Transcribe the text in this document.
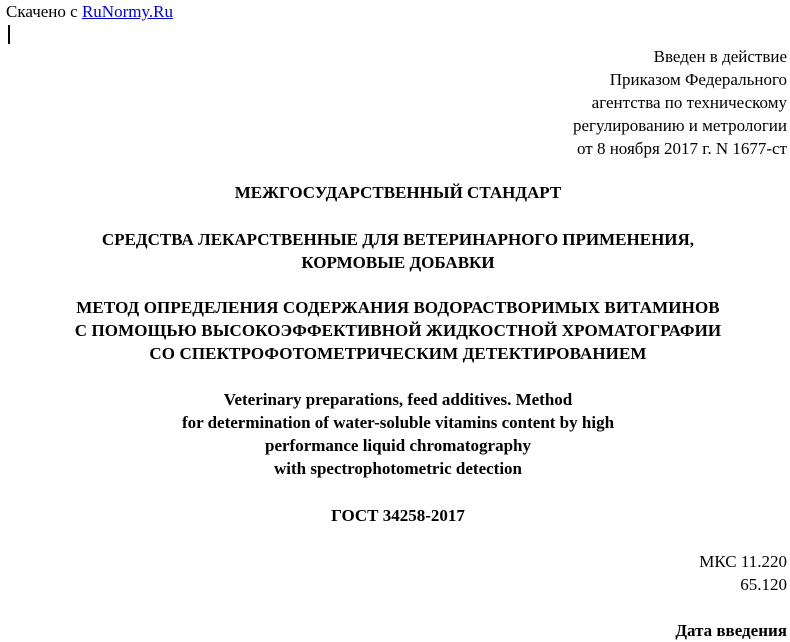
Скачено с RuNormy.Ru
Введен в действие
Приказом Федерального
агентства по техническому
регулированию и метрологии
от 8 ноября 2017 г. N 1677-ст
МЕЖГОСУДАРСТВЕННЫЙ СТАНДАРТ
СРЕДСТВА ЛЕКАРСТВЕННЫЕ ДЛЯ ВЕТЕРИНАРНОГО ПРИМЕНЕНИЯ,
КОРМОВЫЕ ДОБАВКИ
МЕТОД ОПРЕДЕЛЕНИЯ СОДЕРЖАНИЯ ВОДОРАСТВОРИМЫХ ВИТАМИНОВ
С ПОМОЩЬЮ ВЫСОКОЭФФЕКТИВНОЙ ЖИДКОСТНОЙ ХРОМАТОГРАФИИ
СО СПЕКТРОФОТОМЕТРИЧЕСКИМ ДЕТЕКТИРОВАНИЕМ
Veterinary preparations, feed additives. Method
for determination of water-soluble vitamins content by high
performance liquid chromatography
with spectrophotometric detection
ГОСТ 34258-2017
МКС 11.220
65.120
Дата введения
